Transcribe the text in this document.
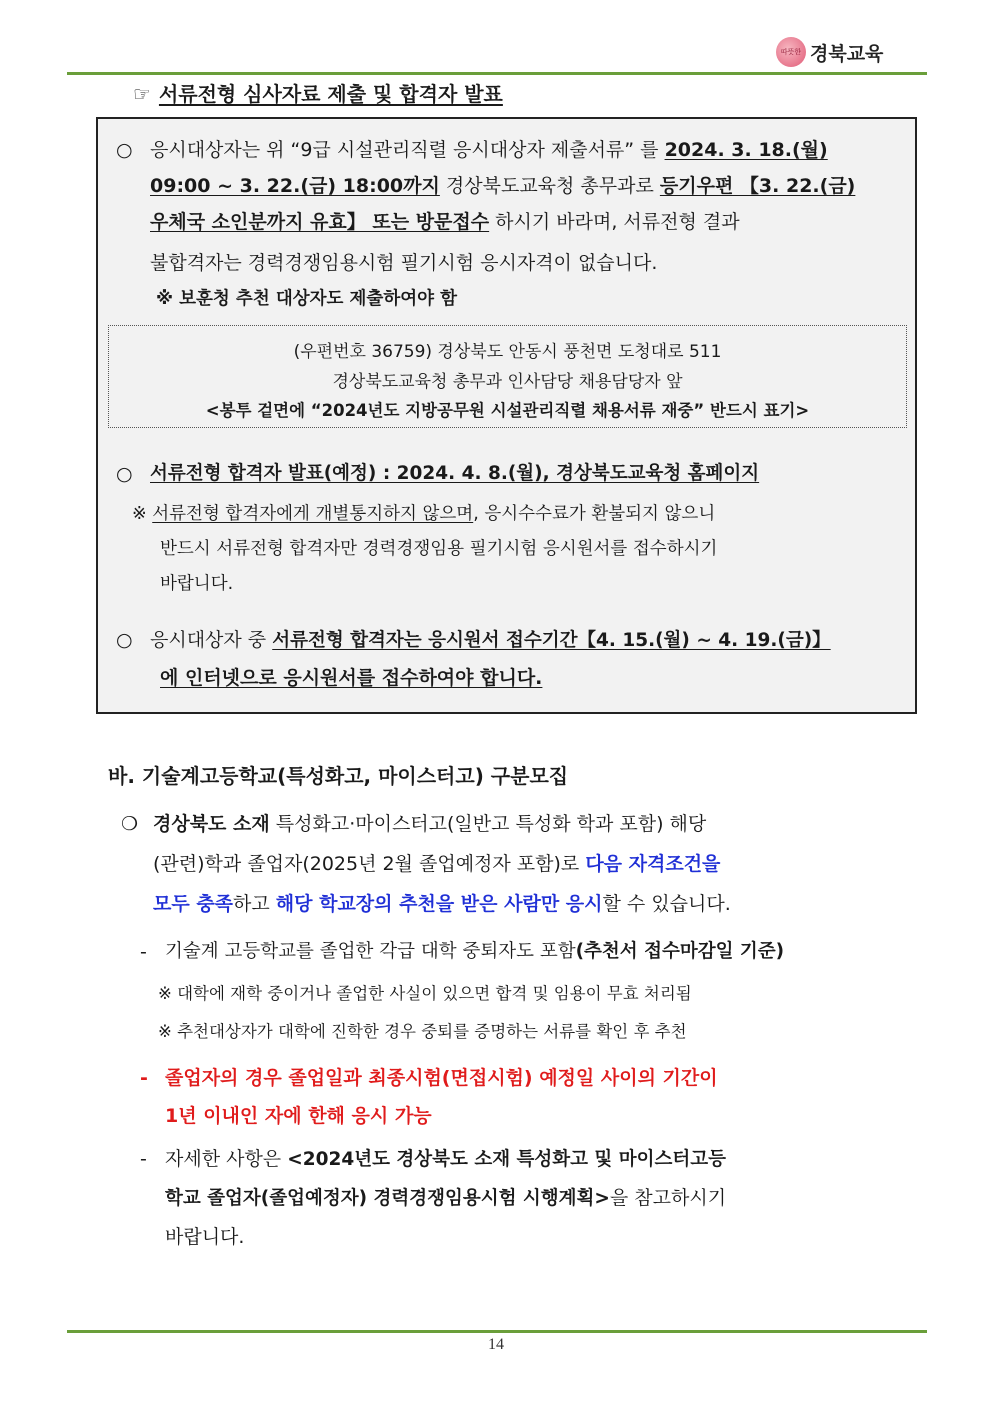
따뜻한 경북교육
☞ 서류전형 심사자료 제출 및 합격자 발표
○ 응시대상자는 위 “9급 시설관리직렬 응시대상자 제출서류” 를 2024. 3. 18.(월)
09:00 ~ 3. 22.(금) 18:00까지 경상북도교육청 총무과로 등기우편 【3. 22.(금)
우체국 소인분까지 유효】 또는 방문접수 하시기 바라며, 서류전형 결과
불합격자는 경력경쟁임용시험 필기시험 응시자격이 없습니다.
※ 보훈청 추천 대상자도 제출하여야 함
(우편번호 36759) 경상북도 안동시 풍천면 도청대로 511
경상북도교육청 총무과 인사담당 채용담당자 앞
<봉투 겉면에 “2024년도 지방공무원 시설관리직렬 채용서류 재중” 반드시 표기>
○ 서류전형 합격자 발표(예정) : 2024. 4. 8.(월), 경상북도교육청 홈페이지
※ 서류전형 합격자에게 개별통지하지 않으며, 응시수수료가 환불되지 않으니
반드시 서류전형 합격자만 경력경쟁임용 필기시험 응시원서를 접수하시기
바랍니다.
○ 응시대상자 중 서류전형 합격자는 응시원서 접수기간【4. 15.(월) ~ 4. 19.(금)】
에 인터넷으로 응시원서를 접수하여야 합니다.
바. 기술계고등학교(특성화고, 마이스터고) 구분모집
❍ 경상북도 소재 특성화고·마이스터고(일반고 특성화 학과 포함) 해당
(관련)학과 졸업자(2025년 2월 졸업예정자 포함)로 다음 자격조건을
모두 충족하고 해당 학교장의 추천을 받은 사람만 응시할 수 있습니다.
- 기술계 고등학교를 졸업한 각급 대학 중퇴자도 포함(추천서 접수마감일 기준)
※ 대학에 재학 중이거나 졸업한 사실이 있으면 합격 및 임용이 무효 처리됨
※ 추천대상자가 대학에 진학한 경우 중퇴를 증명하는 서류를 확인 후 추천
- 졸업자의 경우 졸업일과 최종시험(면접시험) 예정일 사이의 기간이
1년 이내인 자에 한해 응시 가능
- 자세한 사항은 <2024년도 경상북도 소재 특성화고 및 마이스터고등
학교 졸업자(졸업예정자) 경력경쟁임용시험 시행계획>을 참고하시기
바랍니다.
14
